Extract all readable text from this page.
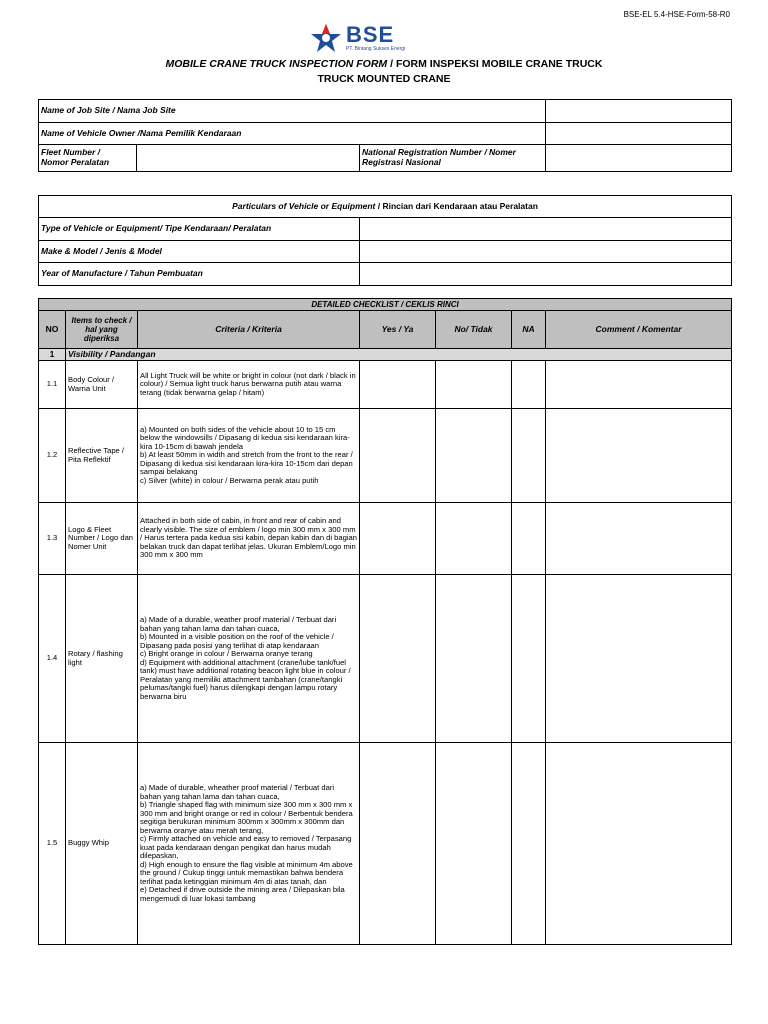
BSE-EL 5.4-HSE-Form-58-R0
BSE
PT. Bintang Sukses Energi
MOBILE CRANE TRUCK INSPECTION FORM / FORM INSPEKSI MOBILE CRANE TRUCK
TRUCK MOUNTED CRANE
Name of Job Site / Nama Job Site			
Name of Vehicle Owner /Nama Pemilik Kendaraan			
Fleet Number /
Nomor Peralatan		National Registration Number / Nomer
Registrasi Nasional	
Particulars of Vehicle or Equipment / Rincian dari Kendaraan atau Peralatan	
Type of Vehicle or Equipment/ Tipe Kendaraan/ Peralatan	
Make & Model / Jenis & Model	
Year of Manufacture / Tahun Pembuatan	
DETAILED CHECKLIST / CEKLIS RINCI						
NO	Items to check / hal yang diperiksa	Criteria / Kriteria	Yes / Ya	No/ Tidak	NA	Comment / Komentar
1	Visibility / Pandangan					
1.1	Body Colour / Warna Unit	All Light Truck will be white or bright in colour (not dark / black in colour) / Semua light truck harus berwarna putih atau warna terang (tidak berwarna gelap / hitam)				
1.2	Reflective Tape / Pita Reflektif	a) Mounted on both sides of the vehicle about 10 to 15 cm below the windowsills / Dipasang di kedua sisi kendaraan kira-kira 10-15cm di bawah jendela
b) At least 50mm in width and stretch from the front to the rear / Dipasang di kedua sisi kendaraan kira-kira 10-15cm dari depan sampai belakang
c) Silver (white) in colour / Berwarna perak atau putih				
1.3	Logo & Fleet Number / Logo dan Nomer Unit	Attached in both side of cabin, in front and rear of cabin and clearly visible. The size of emblem / logo min 300 mm x 300 mm / Harus tertera pada kedua sisi kabin, depan kabin dan di bagian belakan truck dan dapat terlihat jelas. Ukuran Emblem/Logo min 300 mm x 300 mm				
1.4	Rotary / flashing light	a) Made of a durable, weather proof material / Terbuat dari bahan yang tahan lama dan tahan cuaca,
b) Mounted in a visible position on the roof of the vehicle / Dipasang pada posisi yang terlihat di atap kendaraan
c) Bright orange in colour / Berwarna oranye terang
d) Equipment with additional attachment (crane/lube tank/fuel tank) must have additional rotating beacon light blue in colour / Peralatan yang memiliki attachment tambahan (crane/tangki pelumas/tangki fuel) harus dilengkapi dengan lampu rotary berwarna biru				
1.5	Buggy Whip	a) Made of durable, wheather proof material / Terbuat dari bahan yang tahan lama dan tahan cuaca,
b) Triangle shaped flag with minimum size 300 mm x 300 mm x 300 mm and bright orange or red in colour / Berbentuk bendera segitiga berukuran minimum 300mm x 300mm x 300mm dan berwarna oranye atau merah terang,
c) Firmly attached on vehicle and easy to removed / Terpasang kuat pada kendaraan dengan pengikat dan harus mudah dilepaskan,
d) High enough to ensure the flag visible at minimum 4m above the ground / Cukup tinggi untuk memastikan bahwa bendera terlihat pada ketinggian minimum 4m di atas tanah, dan
e) Detached if drive outside the mining area / Dilepaskan bila mengemudi di luar lokasi tambang				
